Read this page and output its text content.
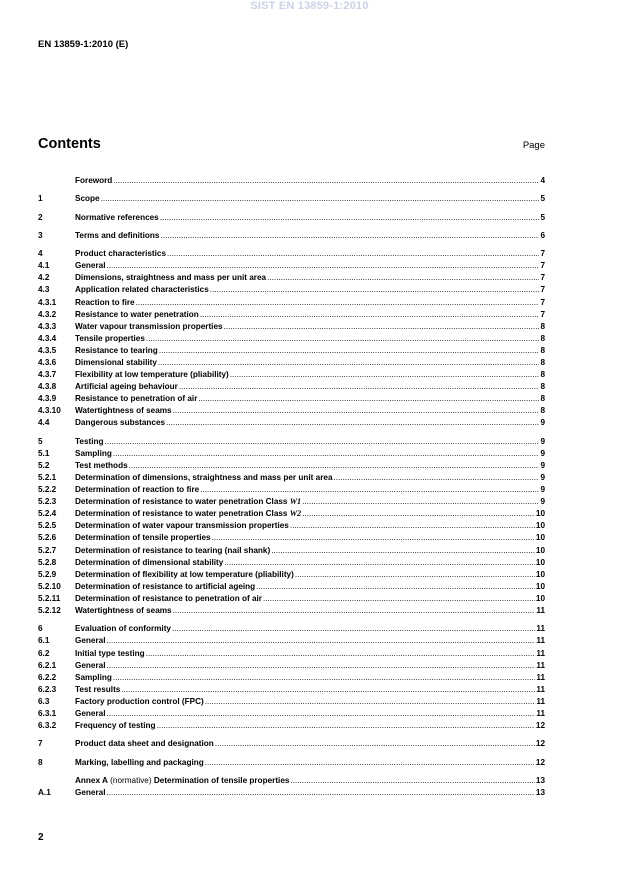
SIST EN 13859-1:2010
EN 13859-1:2010 (E)
Contents	Page
Foreword .....	4
1	Scope .....	5
2	Normative references .....	5
3	Terms and definitions .....	6
4	Product characteristics .....	7
4.1	General .....	7
4.2	Dimensions, straightness and mass per unit area .....	7
4.3	Application related characteristics .....	7
4.3.1	Reaction to fire .....	7
4.3.2	Resistance to water penetration .....	7
4.3.3	Water vapour transmission properties .....	8
4.3.4	Tensile properties .....	8
4.3.5	Resistance to tearing .....	8
4.3.6	Dimensional stability .....	8
4.3.7	Flexibility at low temperature (pliability) .....	8
4.3.8	Artificial ageing behaviour .....	8
4.3.9	Resistance to penetration of air .....	8
4.3.10	Watertightness of seams .....	8
4.4	Dangerous substances .....	9
5	Testing .....	9
5.1	Sampling .....	9
5.2	Test methods .....	9
5.2.1	Determination of dimensions, straightness and mass per unit area .....	9
5.2.2	Determination of reaction to fire .....	9
5.2.3	Determination of resistance to water penetration Class W1 .....	9
5.2.4	Determination of resistance to water penetration Class W2 .....	10
5.2.5	Determination of water vapour transmission properties .....	10
5.2.6	Determination of tensile properties .....	10
5.2.7	Determination of resistance to tearing (nail shank) .....	10
5.2.8	Determination of dimensional stability .....	10
5.2.9	Determination of flexibility at low temperature (pliability) .....	10
5.2.10	Determination of resistance to artificial ageing .....	10
5.2.11	Determination of resistance to penetration of air .....	10
5.2.12	Watertightness of seams .....	11
6	Evaluation of conformity .....	11
6.1	General .....	11
6.2	Initial type testing .....	11
6.2.1	General .....	11
6.2.2	Sampling .....	11
6.2.3	Test results .....	11
6.3	Factory production control (FPC) .....	11
6.3.1	General .....	11
6.3.2	Frequency of testing .....	12
7	Product data sheet and designation .....	12
8	Marking, labelling and packaging .....	12
Annex A (normative) Determination of tensile properties .....	13
A.1	General .....	13
2
